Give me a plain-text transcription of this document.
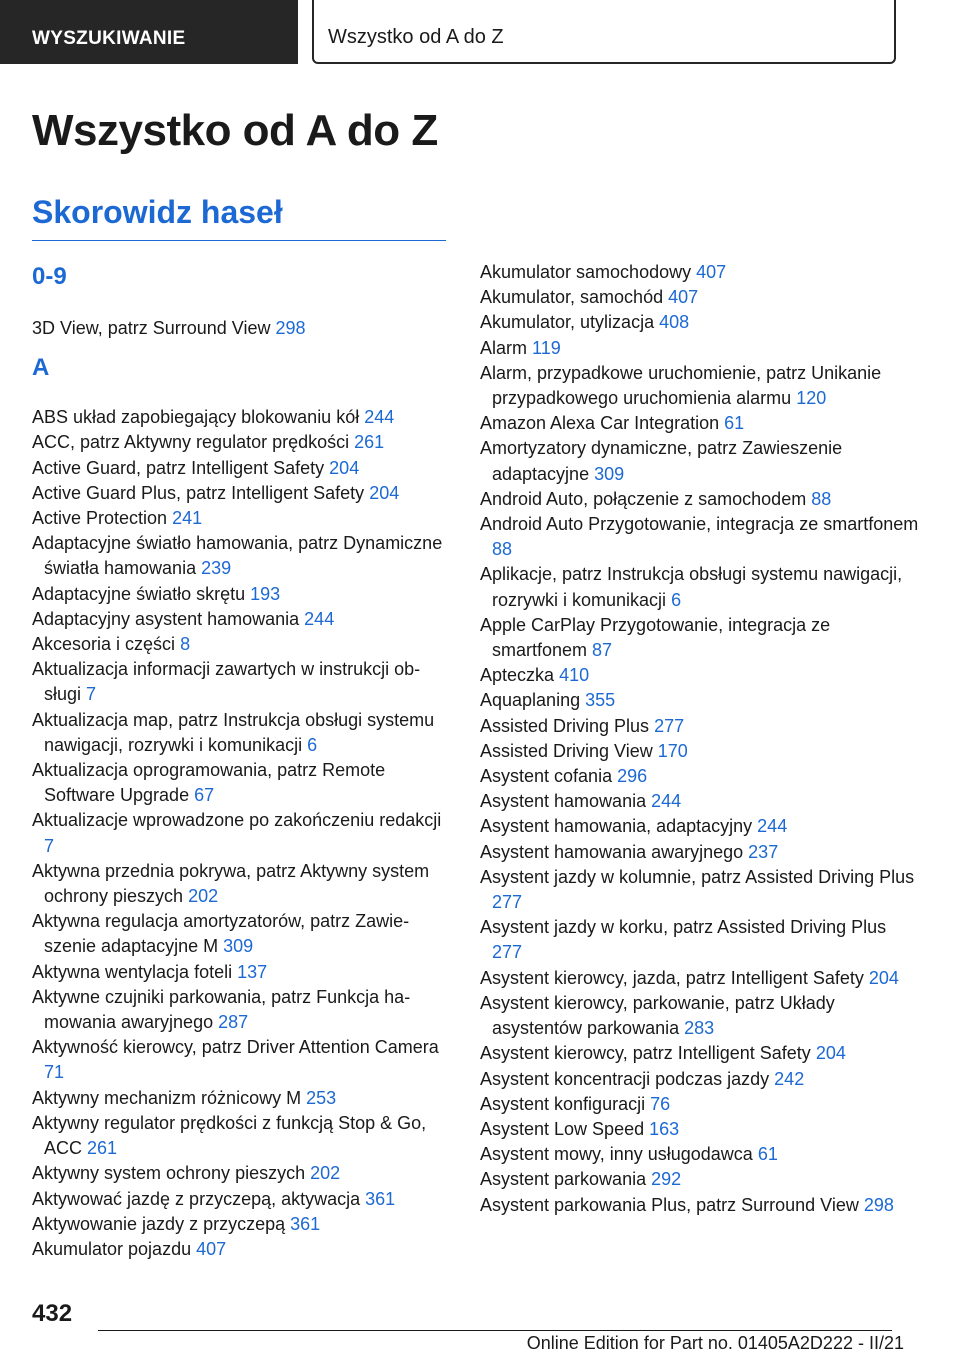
WYSZUKIWANIE	Wszystko od A do Z
Wszystko od A do Z
Skorowidz haseł
0-9
3D View, patrz Surround View 298
A
ABS układ zapobiegający blokowaniu kół 244
ACC, patrz Aktywny regulator prędkości 261
Active Guard, patrz Intelligent Safety 204
Active Guard Plus, patrz Intelligent Safety 204
Active Protection 241
Adaptacyjne światło hamowania, patrz Dynamiczne światła hamowania 239
Adaptacyjne światło skrętu 193
Adaptacyjny asystent hamowania 244
Akcesoria i części 8
Aktualizacja informacji zawartych w instrukcji obsługi 7
Aktualizacja map, patrz Instrukcja obsługi systemu nawigacji, rozrywki i komunikacji 6
Aktualizacja oprogramowania, patrz Remote Software Upgrade 67
Aktualizacje wprowadzone po zakończeniu redakcji 7
Aktywna przednia pokrywa, patrz Aktywny system ochrony pieszych 202
Aktywna regulacja amortyzatorów, patrz Zawieszenie adaptacyjne M 309
Aktywna wentylacja foteli 137
Aktywne czujniki parkowania, patrz Funkcja hamowania awaryjnego 287
Aktywność kierowcy, patrz Driver Attention Camera 71
Aktywny mechanizm różnicowy M 253
Aktywny regulator prędkości z funkcją Stop & Go, ACC 261
Aktywny system ochrony pieszych 202
Aktywować jazdę z przyczepą, aktywacja 361
Aktywowanie jazdy z przyczepą 361
Akumulator pojazdu 407
Akumulator samochodowy 407
Akumulator, samochód 407
Akumulator, utylizacja 408
Alarm 119
Alarm, przypadkowe uruchomienie, patrz Unikanie przypadkowego uruchomienia alarmu 120
Amazon Alexa Car Integration 61
Amortyzatory dynamiczne, patrz Zawieszenie adaptacyjne 309
Android Auto, połączenie z samochodem 88
Android Auto Przygotowanie, integracja ze smartfonem 88
Aplikacje, patrz Instrukcja obsługi systemu nawigacji, rozrywki i komunikacji 6
Apple CarPlay Przygotowanie, integracja ze smartfonem 87
Apteczka 410
Aquaplaning 355
Assisted Driving Plus 277
Assisted Driving View 170
Asystent cofania 296
Asystent hamowania 244
Asystent hamowania, adaptacyjny 244
Asystent hamowania awaryjnego 237
Asystent jazdy w kolumnie, patrz Assisted Driving Plus 277
Asystent jazdy w korku, patrz Assisted Driving Plus 277
Asystent kierowcy, jazda, patrz Intelligent Safety 204
Asystent kierowcy, parkowanie, patrz Układy asystentów parkowania 283
Asystent kierowcy, patrz Intelligent Safety 204
Asystent koncentracji podczas jazdy 242
Asystent konfiguracji 76
Asystent Low Speed 163
Asystent mowy, inny usługodawca 61
Asystent parkowania 292
Asystent parkowania Plus, patrz Surround View 298
432
Online Edition for Part no. 01405A2D222 - II/21
